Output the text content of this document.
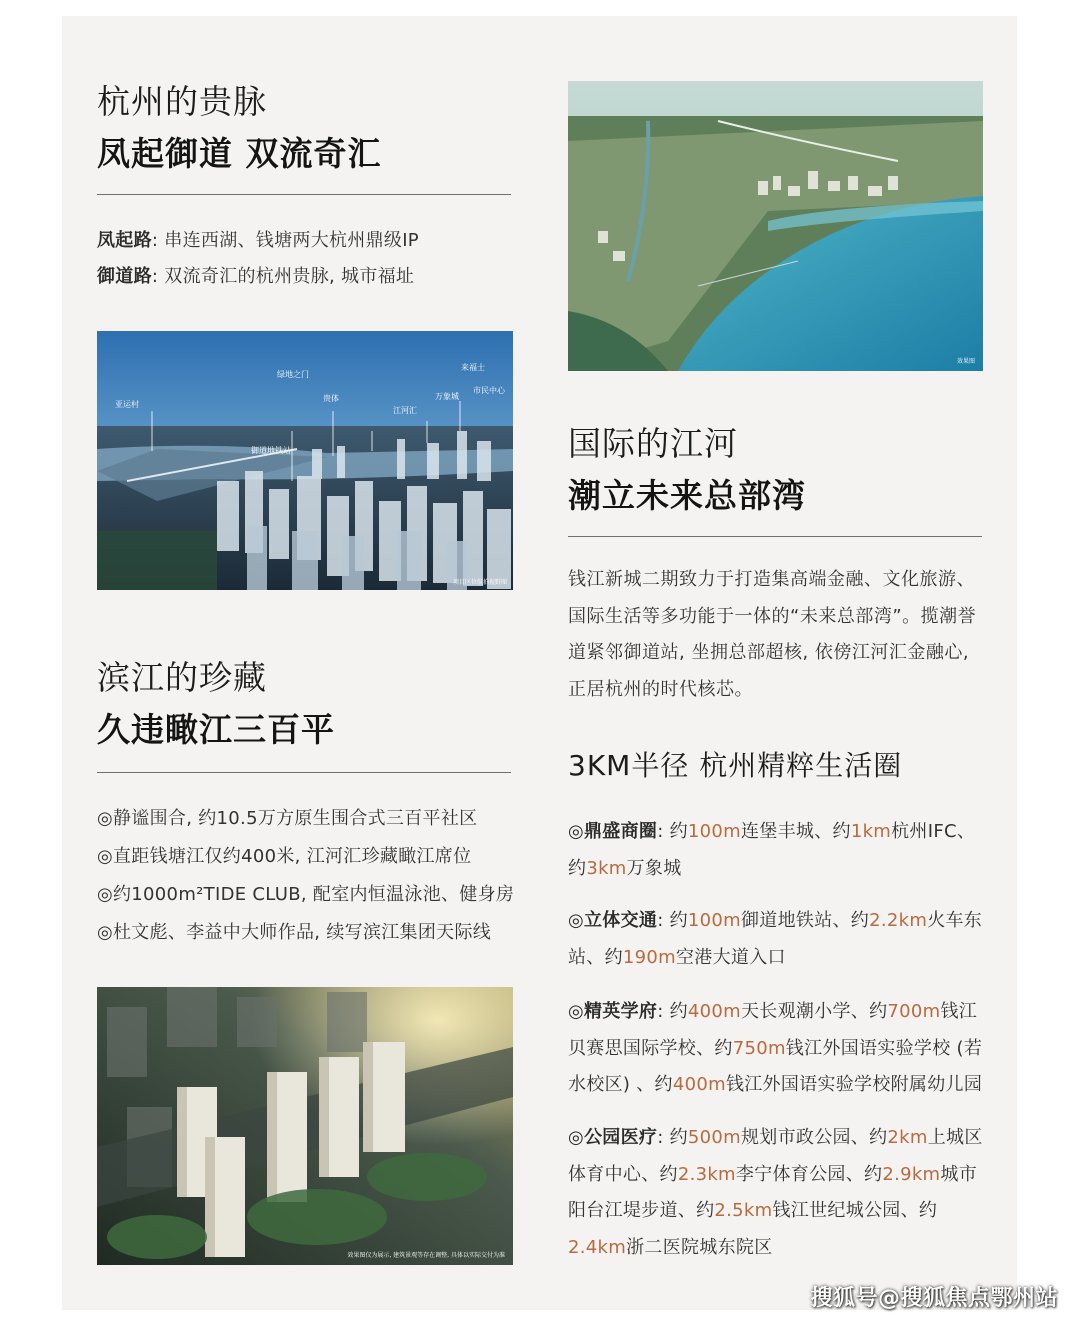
杭州的贵脉
凤起御道 双流奇汇
凤起路: 串连西湖、钱塘两大杭州鼎级IP
御道路: 双流奇汇的杭州贵脉, 城市福址
亚运村
绿地之门
贵体
江河汇
万象城
市民中心
来福士
御道地铁站
项目区位航拍视野图
滨江的珍藏
久违瞰江三百平
◎静谧围合, 约10.5万方原生围合式三百平社区
◎直距钱塘江仅约400米, 江河汇珍藏瞰江席位
◎约1000m²TIDE CLUB, 配室内恒温泳池、健身房
◎杜文彪、李益中大师作品, 续写滨江集团天际线
效果图仅为展示, 建筑景观等存在调整, 具体以实际交付为准
效果图
国际的江河
潮立未来总部湾
钱江新城二期致力于打造集高端金融、文化旅游、国际生活等多功能于一体的“未来总部湾”。揽潮誉道紧邻御道站, 坐拥总部超核, 依傍江河汇金融心, 正居杭州的时代核芯。
3KM半径 杭州精粹生活圈
◎鼎盛商圈: 约100m连堡丰城、约1km杭州IFC、约3km万象城
◎立体交通: 约100m御道地铁站、约2.2km火车东站、约190m空港大道入口
◎精英学府: 约400m天长观潮小学、约700m钱江贝赛思国际学校、约750m钱江外国语实验学校 (若水校区) 、约400m钱江外国语实验学校附属幼儿园
◎公园医疗: 约500m规划市政公园、约2km上城区体育中心、约2.3km李宁体育公园、约2.9km城市阳台江堤步道、约2.5km钱江世纪城公园、约2.4km浙二医院城东院区
搜狐号@搜狐焦点鄂州站
